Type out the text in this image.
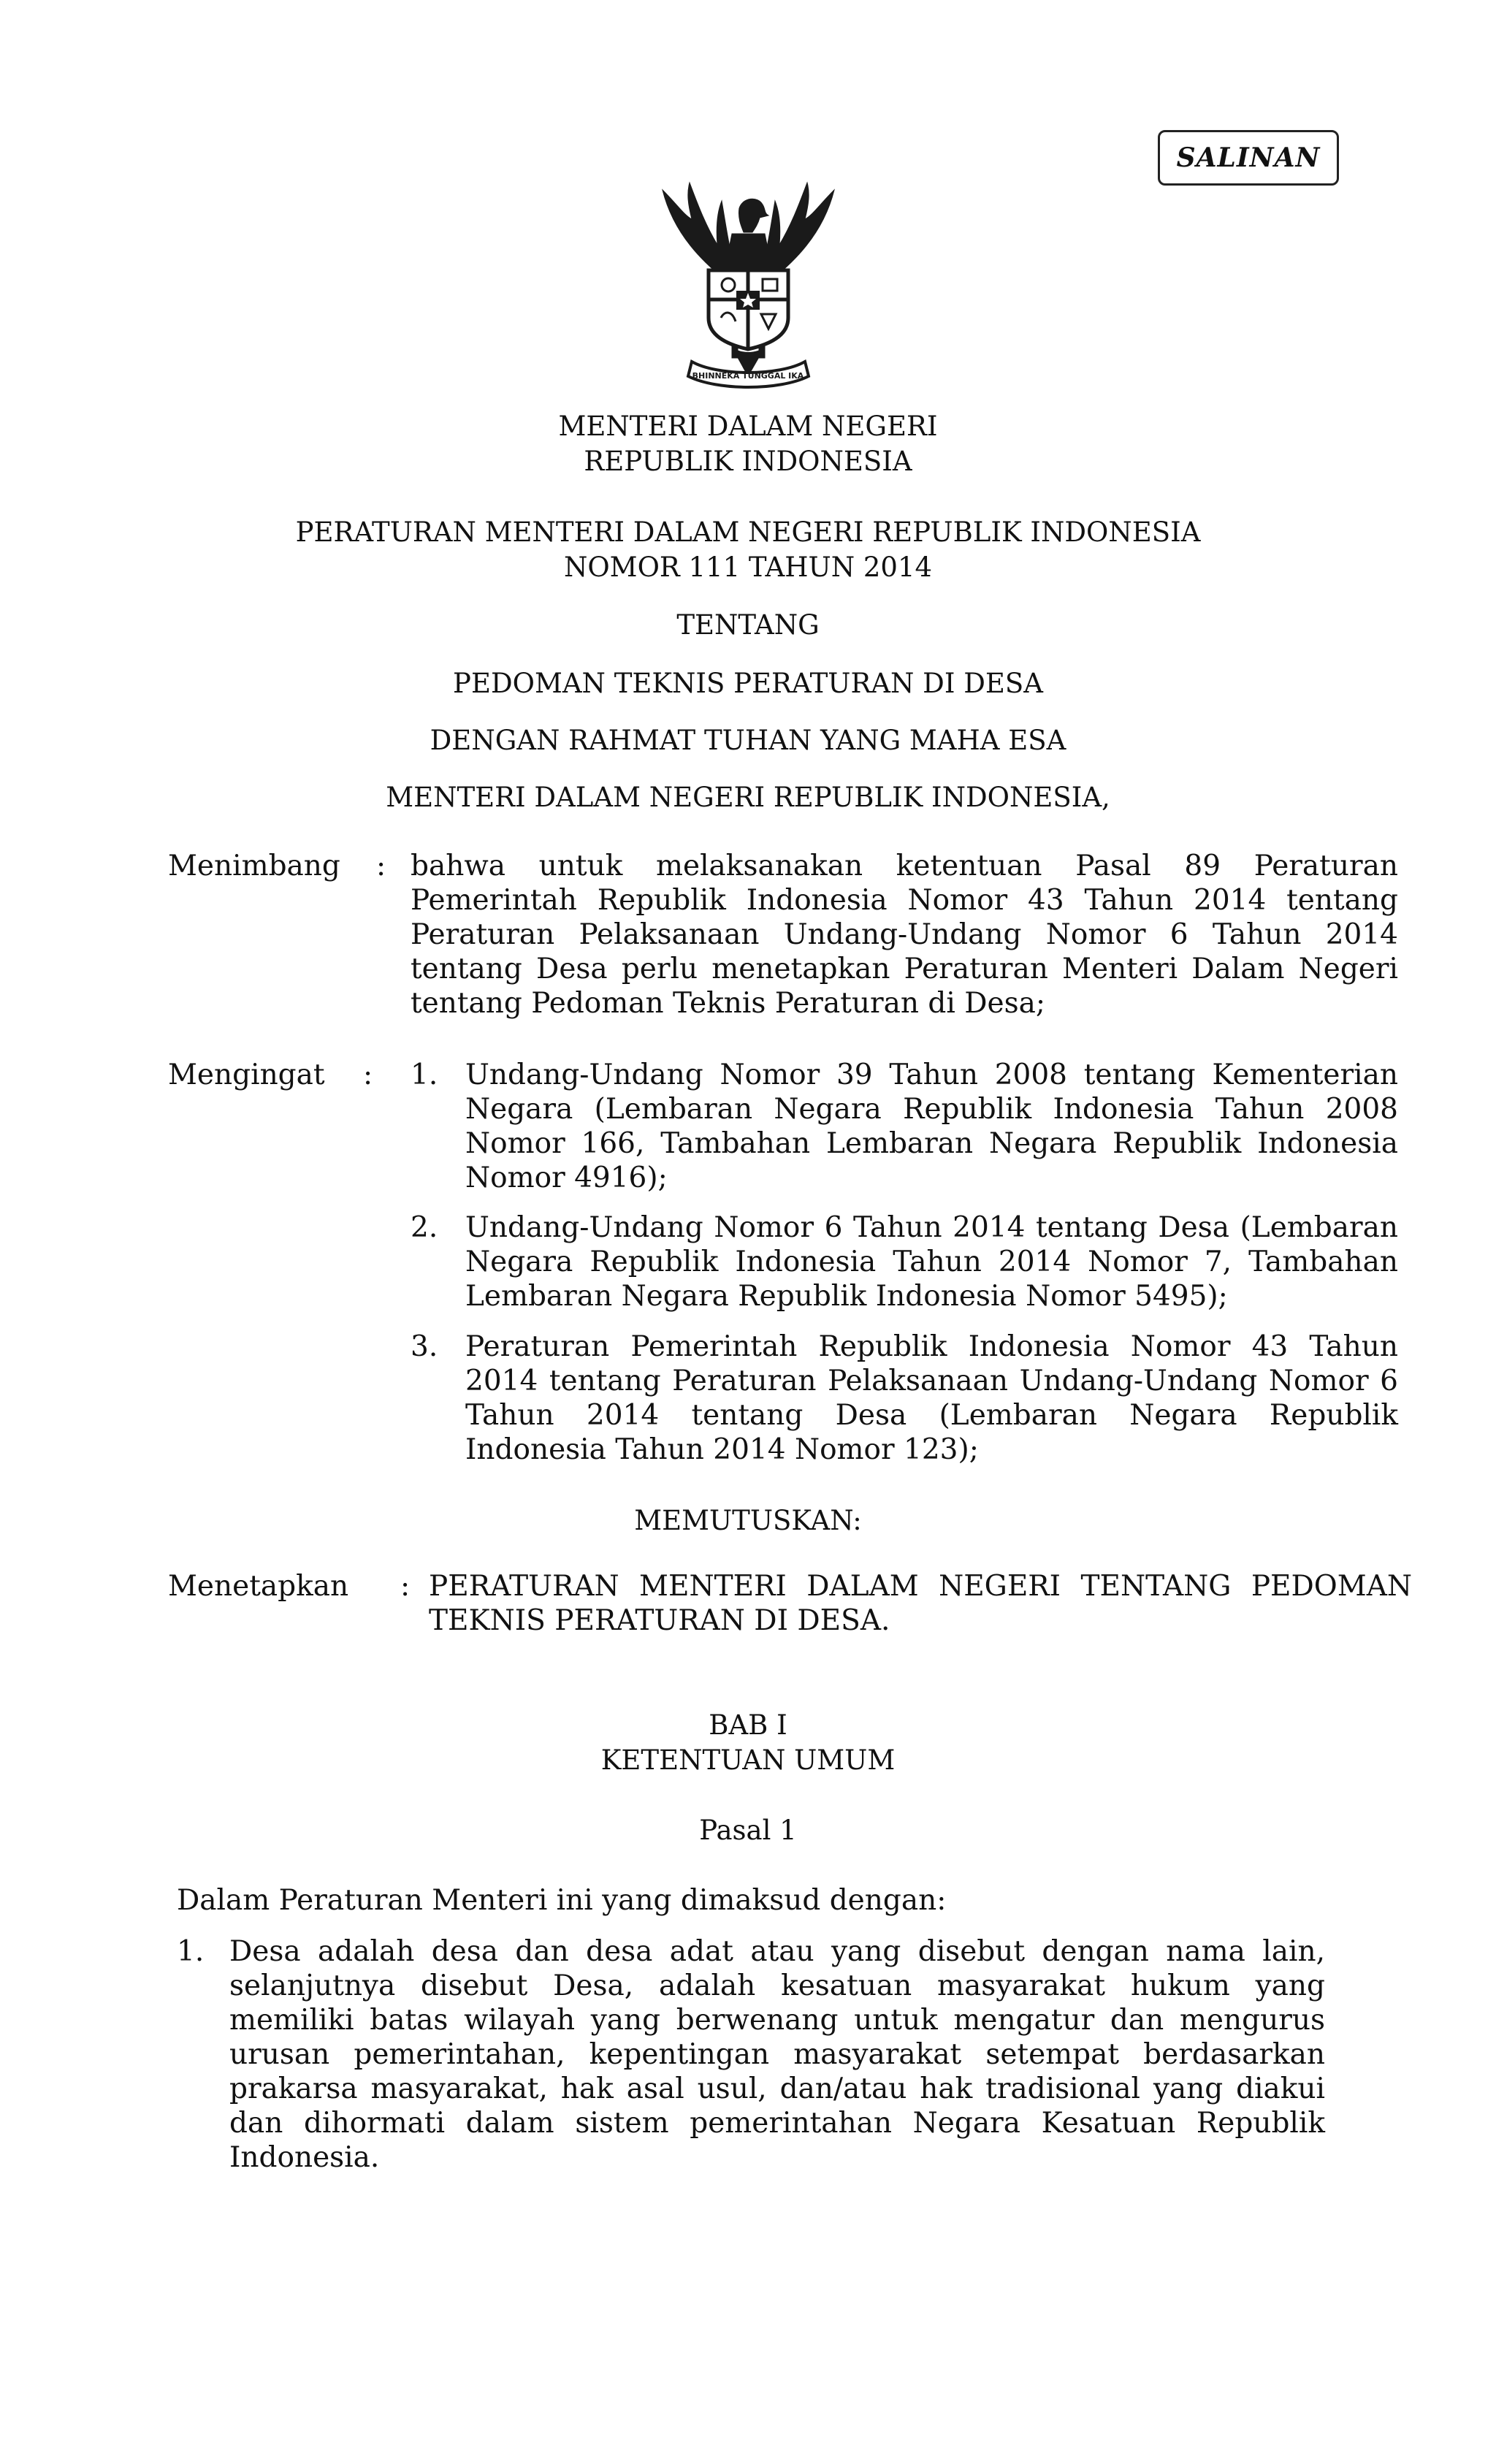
SALINAN
BHINNEKA TUNGGAL IKA
MENTERI DALAM NEGERI
REPUBLIK INDONESIA
PERATURAN MENTERI DALAM NEGERI REPUBLIK INDONESIA
NOMOR 111 TAHUN 2014
TENTANG
PEDOMAN TEKNIS PERATURAN DI DESA
DENGAN RAHMAT TUHAN YANG MAHA ESA
MENTERI DALAM NEGERI REPUBLIK INDONESIA,
Menimbang : bahwa untuk melaksanakan ketentuan Pasal 89 Peraturan Pemerintah Republik Indonesia Nomor 43 Tahun 2014 tentang Peraturan Pelaksanaan Undang-Undang Nomor 6 Tahun 2014 tentang Desa perlu menetapkan Peraturan Menteri Dalam Negeri tentang Pedoman Teknis Peraturan di Desa;
Mengingat : 1. Undang-Undang Nomor 39 Tahun 2008 tentang Kementerian Negara (Lembaran Negara Republik Indonesia Tahun 2008 Nomor 166, Tambahan Lembaran Negara Republik Indonesia Nomor 4916);
2. Undang-Undang Nomor 6 Tahun 2014 tentang Desa (Lembaran Negara Republik Indonesia Tahun 2014 Nomor 7, Tambahan Lembaran Negara Republik Indonesia Nomor 5495);
3. Peraturan Pemerintah Republik Indonesia Nomor 43 Tahun 2014 tentang Peraturan Pelaksanaan Undang-Undang Nomor 6 Tahun 2014 tentang Desa (Lembaran Negara Republik Indonesia Tahun 2014 Nomor 123);
MEMUTUSKAN:
Menetapkan : PERATURAN MENTERI DALAM NEGERI TENTANG PEDOMAN TEKNIS PERATURAN DI DESA.
BAB I
KETENTUAN UMUM
Pasal 1
Dalam Peraturan Menteri ini yang dimaksud dengan:
1. Desa adalah desa dan desa adat atau yang disebut dengan nama lain, selanjutnya disebut Desa, adalah kesatuan masyarakat hukum yang memiliki batas wilayah yang berwenang untuk mengatur dan mengurus urusan pemerintahan, kepentingan masyarakat setempat berdasarkan prakarsa masyarakat, hak asal usul, dan/atau hak tradisional yang diakui dan dihormati dalam sistem pemerintahan Negara Kesatuan Republik Indonesia.
